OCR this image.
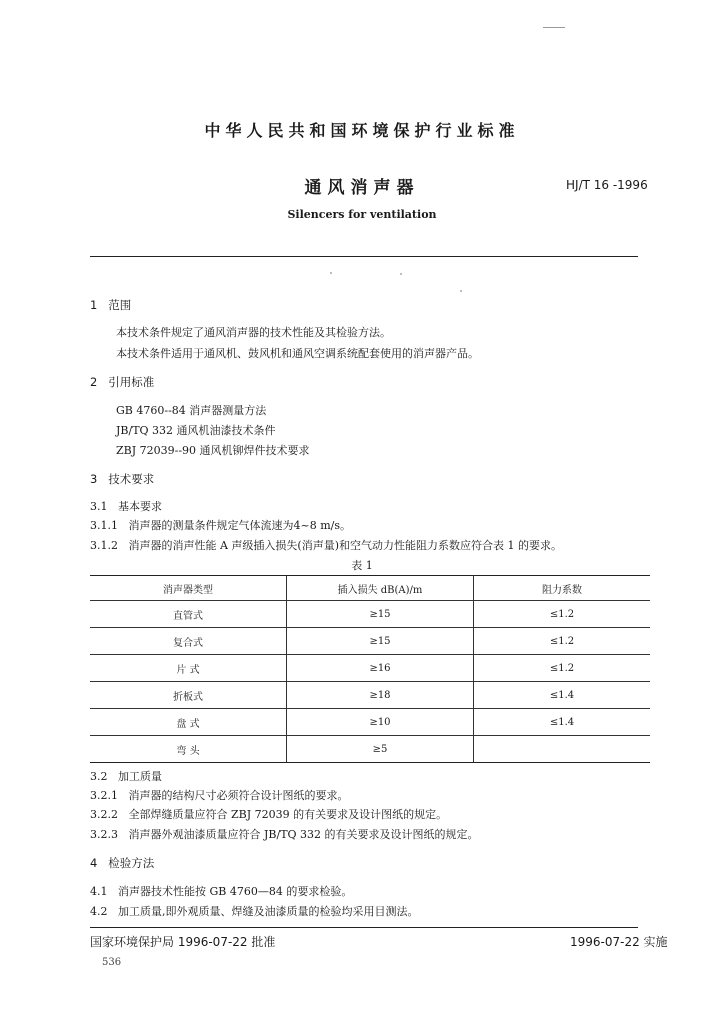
中华人民共和国环境保护行业标准
通风消声器	HJ/T 16 -1996
Silencers for ventilation
1 范围
本技术条件规定了通风消声器的技术性能及其检验方法。
本技术条件适用于通风机、鼓风机和通风空调系统配套使用的消声器产品。
2 引用标准
GB 4760--84 消声器测量方法
JB/TQ 332 通风机油漆技术条件
ZBJ 72039--90 通风机铆焊件技术要求
3 技术要求
3.1 基本要求
3.1.1 消声器的测量条件规定气体流速为4~8 m/s。
3.1.2 消声器的消声性能 A 声级插入损失(消声量)和空气动力性能阻力系数应符合表 1 的要求。
表 1
消声器类型	插入损失 dB(A)/m	阻力系数
直管式	≥15	≤1.2
复合式	≥15	≤1.2
片 式	≥16	≤1.2
折板式	≥18	≤1.4
盘 式	≥10	≤1.4
弯 头	≥5	
3.2 加工质量
3.2.1 消声器的结构尺寸必须符合设计图纸的要求。
3.2.2 全部焊缝质量应符合 ZBJ 72039 的有关要求及设计图纸的规定。
3.2.3 消声器外观油漆质量应符合 JB/TQ 332 的有关要求及设计图纸的规定。
4 检验方法
4.1 消声器技术性能按 GB 4760—84 的要求检验。
4.2 加工质量,即外观质量、焊缝及油漆质量的检验均采用目测法。
国家环境保护局 1996-07-22 批准	1996-07-22 实施
536
